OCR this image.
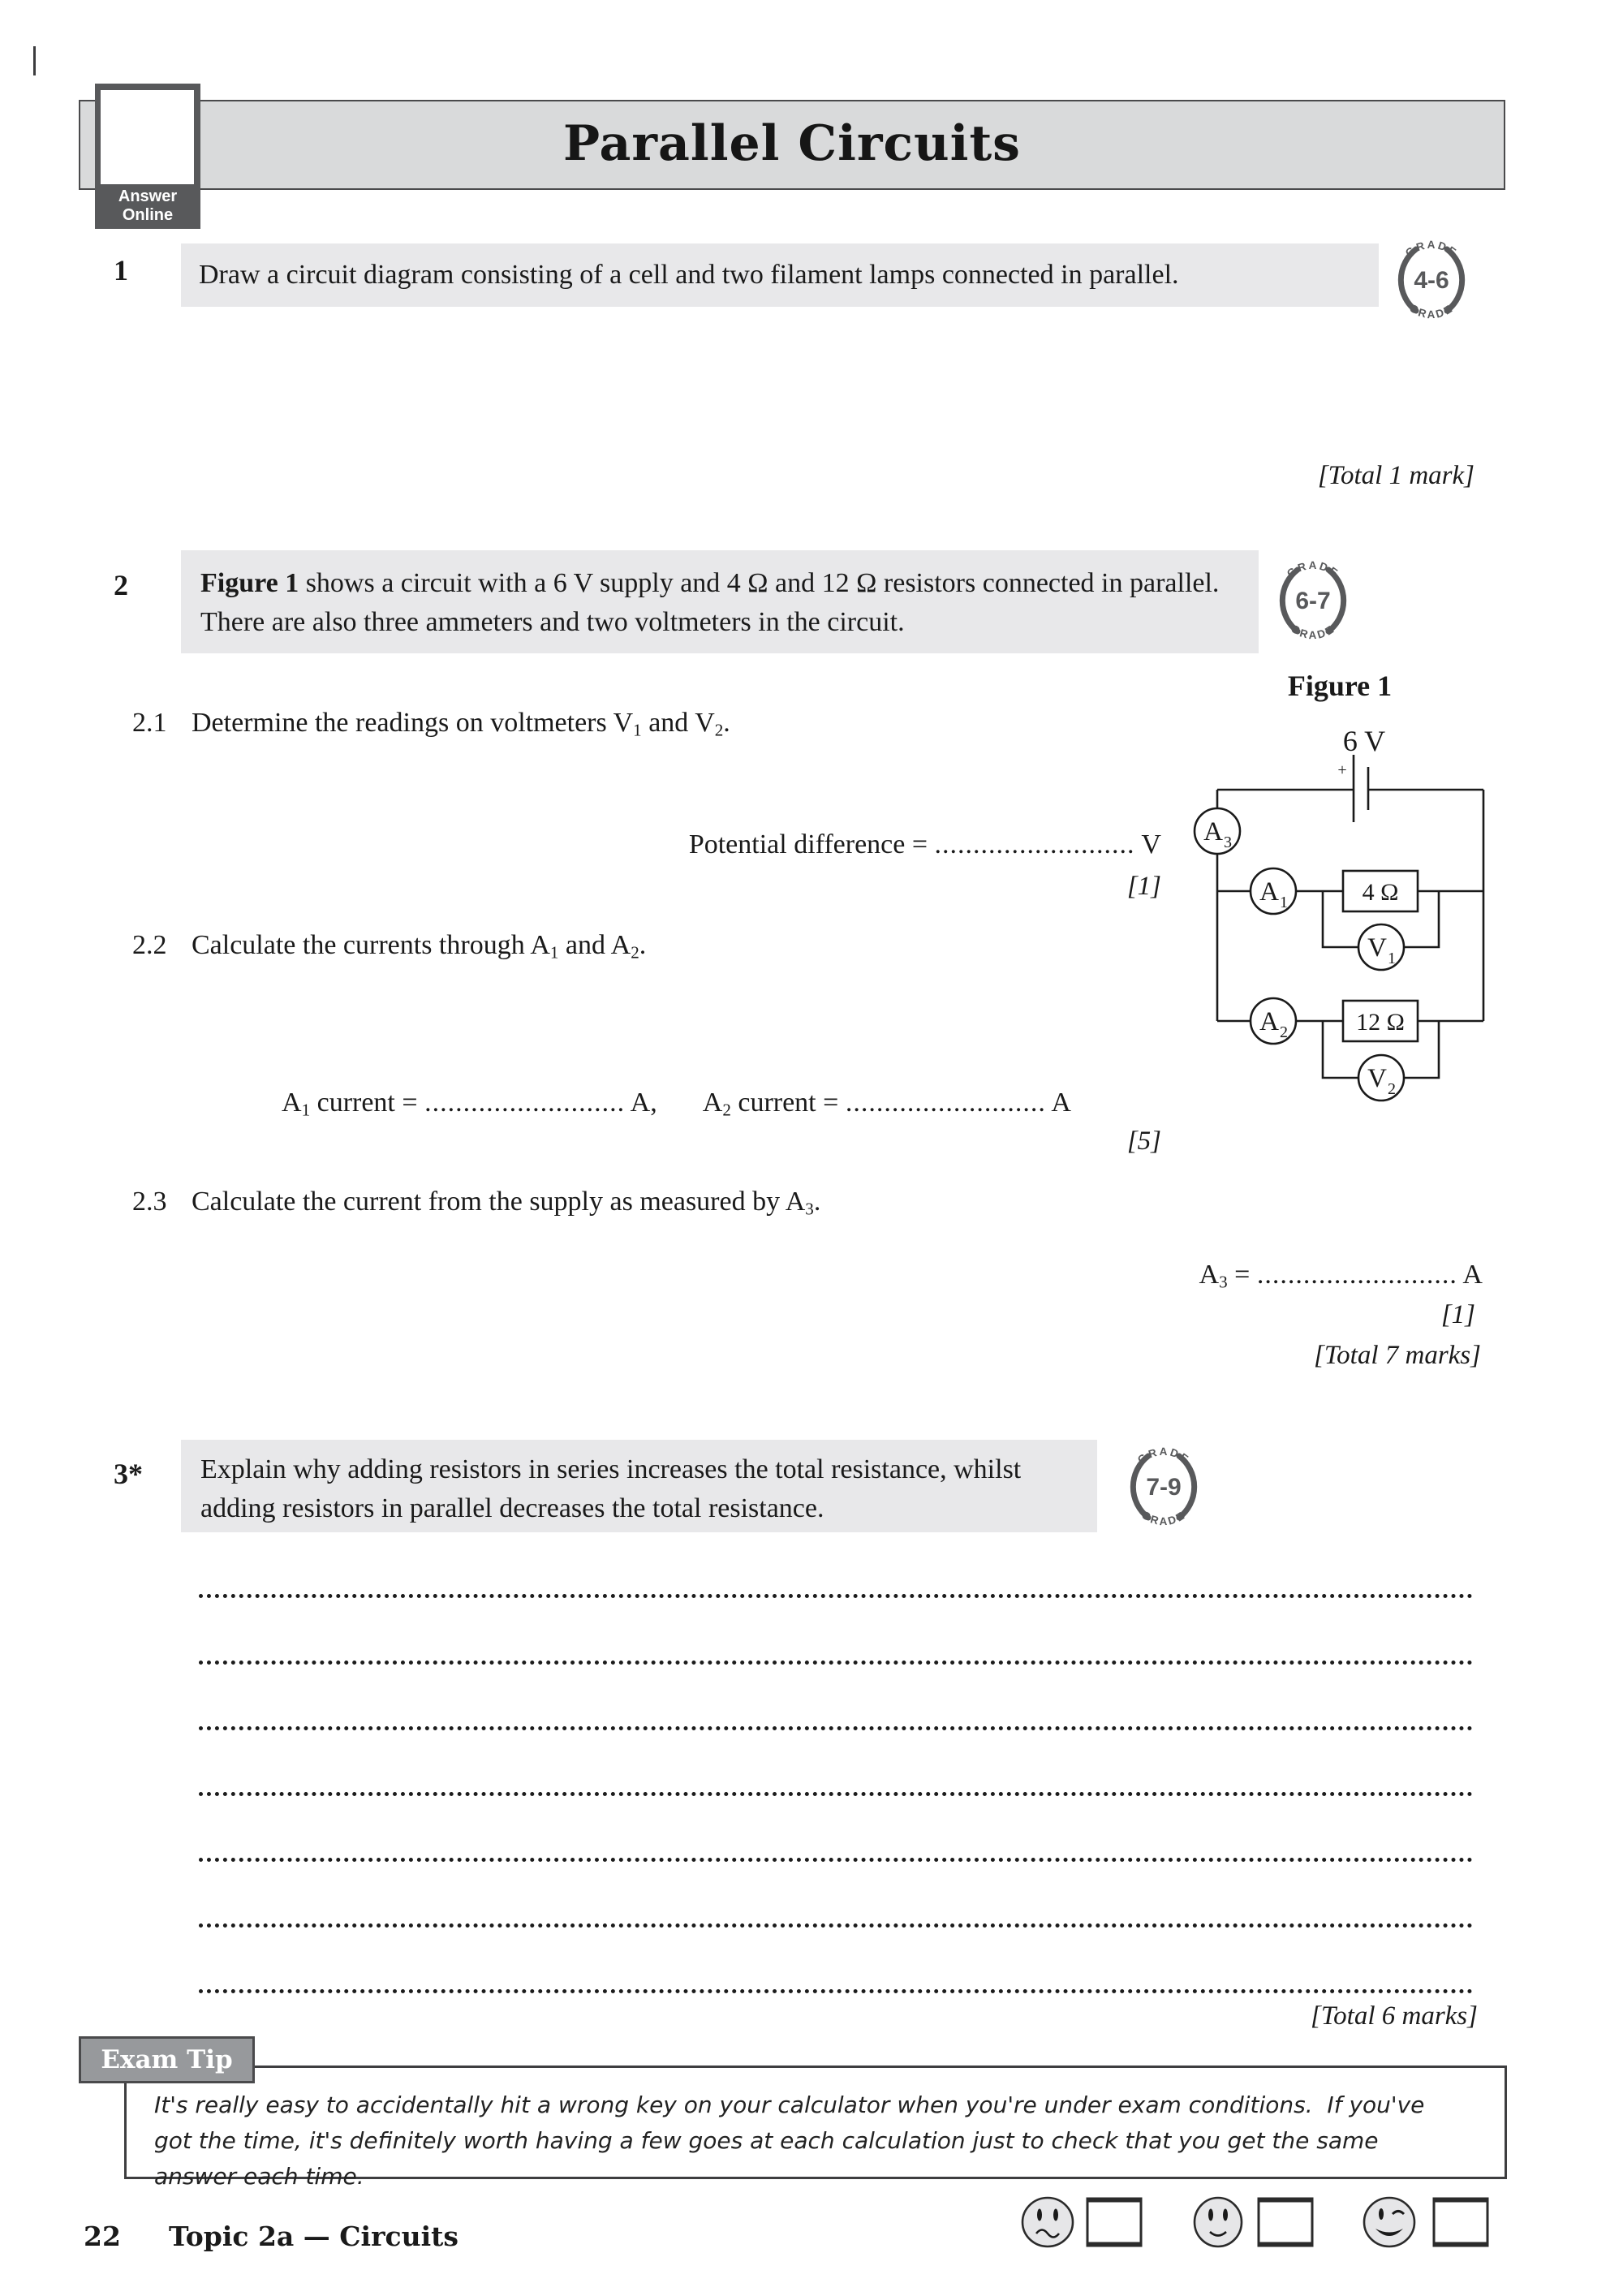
Parallel Circuits
Answer
Online
1	Draw a circuit diagram consisting of a cell and two filament lamps connected in parallel.
GRADE
GRADE
4-6
[Total 1 mark]
2	Figure 1 shows a circuit with a 6 V supply and 4 Ω and 12 Ω resistors connected in parallel.  There are also three ammeters and two voltmeters in the circuit.
GRADE
GRADE
6-7
Figure 1
6 V
+
A 3
A 1
A 2
V 1
V 2
4 Ω
12 Ω
2.1 Determine the readings on voltmeters $V_1$ and $V_2$.
Potential difference = .......................... V
[1]
2.2 Calculate the currents through $A_1$ and $A_2$.
$A_1$ current = .......................... A, $A_2$ current = .......................... A
[5]
2.3 Calculate the current from the supply as measured by $A_3$.
$A_3$ = .......................... A
[1]
[Total 7 marks]
3*	Explain why adding resistors in series increases the total resistance, whilst adding resistors in parallel decreases the total resistance.
GRADE
GRADE
7-9
[Total 6 marks]
Exam Tip
It's really easy to accidentally hit a wrong key on your calculator when you're under exam conditions.  If you've got the time, it's definitely worth having a few goes at each calculation just to check that you get the same answer each time.
22 Topic 2a — Circuits
